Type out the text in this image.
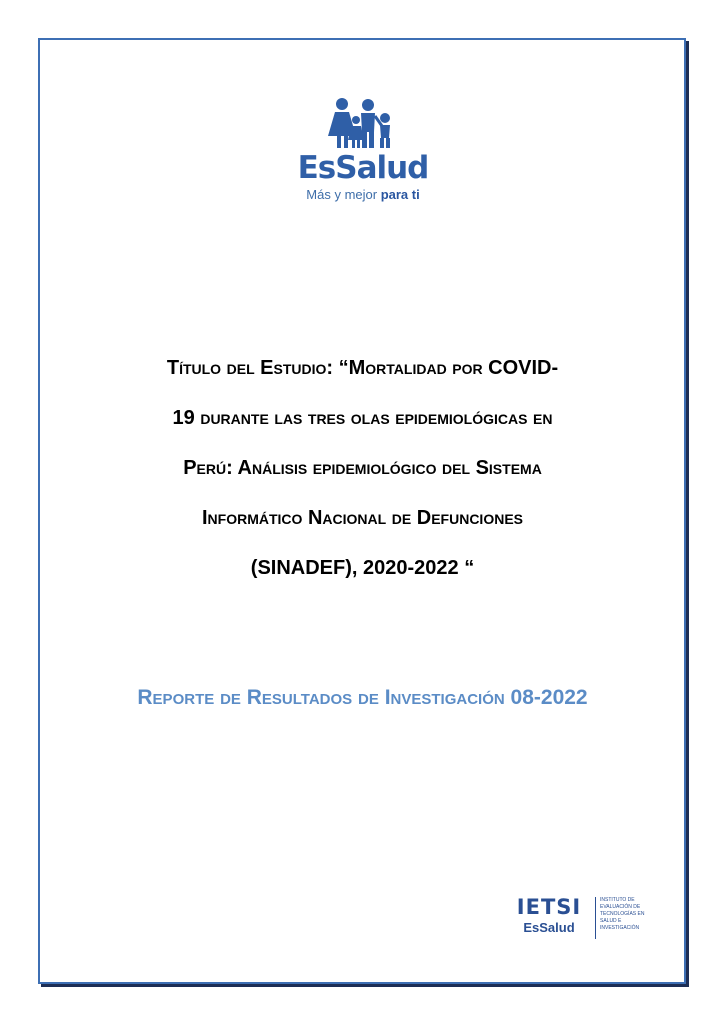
EsSalud
Más y mejor para ti
Título del Estudio: “Mortalidad por COVID-
19 durante las tres olas epidemiológicas en
Perú: Análisis epidemiológico del Sistema
Informático Nacional de Defunciones
(SINADEF), 2020-2022 “
Reporte de Resultados de Investigación 08-2022
IETSI
EsSalud
INSTITUTO DE
EVALUACIÓN DE
TECNOLOGÍAS EN
SALUD E
INVESTIGACIÓN
